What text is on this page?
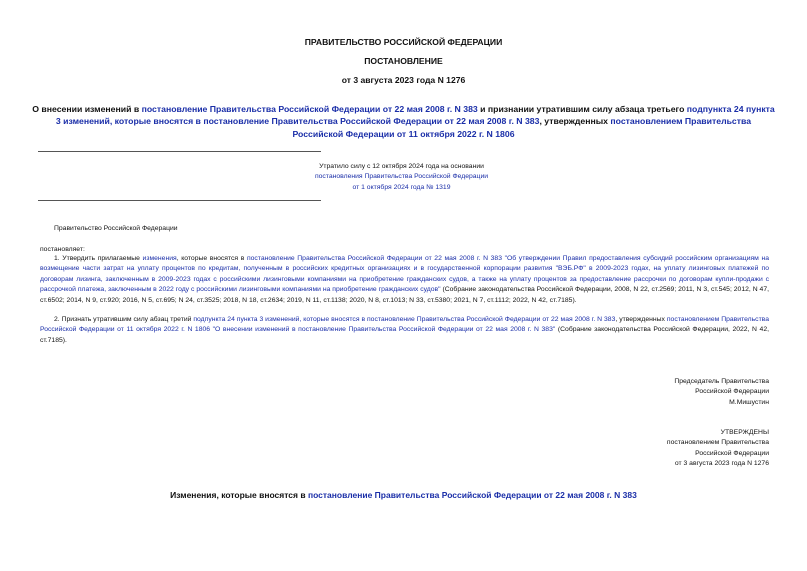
ПРАВИТЕЛЬСТВО РОССИЙСКОЙ ФЕДЕРАЦИИ
ПОСТАНОВЛЕНИЕ
от 3 августа 2023 года N 1276
О внесении изменений в постановление Правительства Российской Федерации от 22 мая 2008 г. N 383 и признании утратившим силу абзаца третьего подпункта 24 пункта 3 изменений, которые вносятся в постановление Правительства Российской Федерации от 22 мая 2008 г. N 383, утвержденных постановлением Правительства Российской Федерации от 11 октября 2022 г. N 1806
Утратило силу с 12 октября 2024 года на основании
постановления Правительства Российской Федерации
от 1 октября 2024 года № 1319
Правительство Российской Федерации
постановляет:
1. Утвердить прилагаемые изменения, которые вносятся в постановление Правительства Российской Федерации от 22 мая 2008 г. N 383 "Об утверждении Правил предоставления субсидий российским организациям на возмещение части затрат на уплату процентов по кредитам, полученным в российских кредитных организациях и в государственной корпорации развития "ВЭБ.РФ" в 2009-2023 годах, на уплату лизинговых платежей по договорам лизинга, заключенным в 2009-2023 годах с российскими лизинговыми компаниями на приобретение гражданских судов, а также на уплату процентов за предоставление рассрочки по договорам купли-продажи с рассрочкой платежа, заключенным в 2022 году с российскими лизинговыми компаниями на приобретение гражданских судов" (Собрание законодательства Российской Федерации, 2008, N 22, ст.2569; 2011, N 3, ст.545; 2012, N 47, ст.6502; 2014, N 9, ст.920; 2016, N 5, ст.695; N 24, ст.3525; 2018, N 18, ст.2634; 2019, N 11, ст.1138; 2020, N 8, ст.1013; N 33, ст.5380; 2021, N 7, ст.1112; 2022, N 42, ст.7185).
2. Признать утратившим силу абзац третий подпункта 24 пункта 3 изменений, которые вносятся в постановление Правительства Российской Федерации от 22 мая 2008 г. N 383, утвержденных постановлением Правительства Российской Федерации от 11 октября 2022 г. N 1806 "О внесении изменений в постановление Правительства Российской Федерации от 22 мая 2008 г. N 383" (Собрание законодательства Российской Федерации, 2022, N 42, ст.7185).
Председатель Правительства
Российской Федерации
М.Мишустин
УТВЕРЖДЕНЫ
постановлением Правительства
Российской Федерации
от 3 августа 2023 года N 1276
Изменения, которые вносятся в постановление Правительства Российской Федерации от 22 мая 2008 г. N 383
